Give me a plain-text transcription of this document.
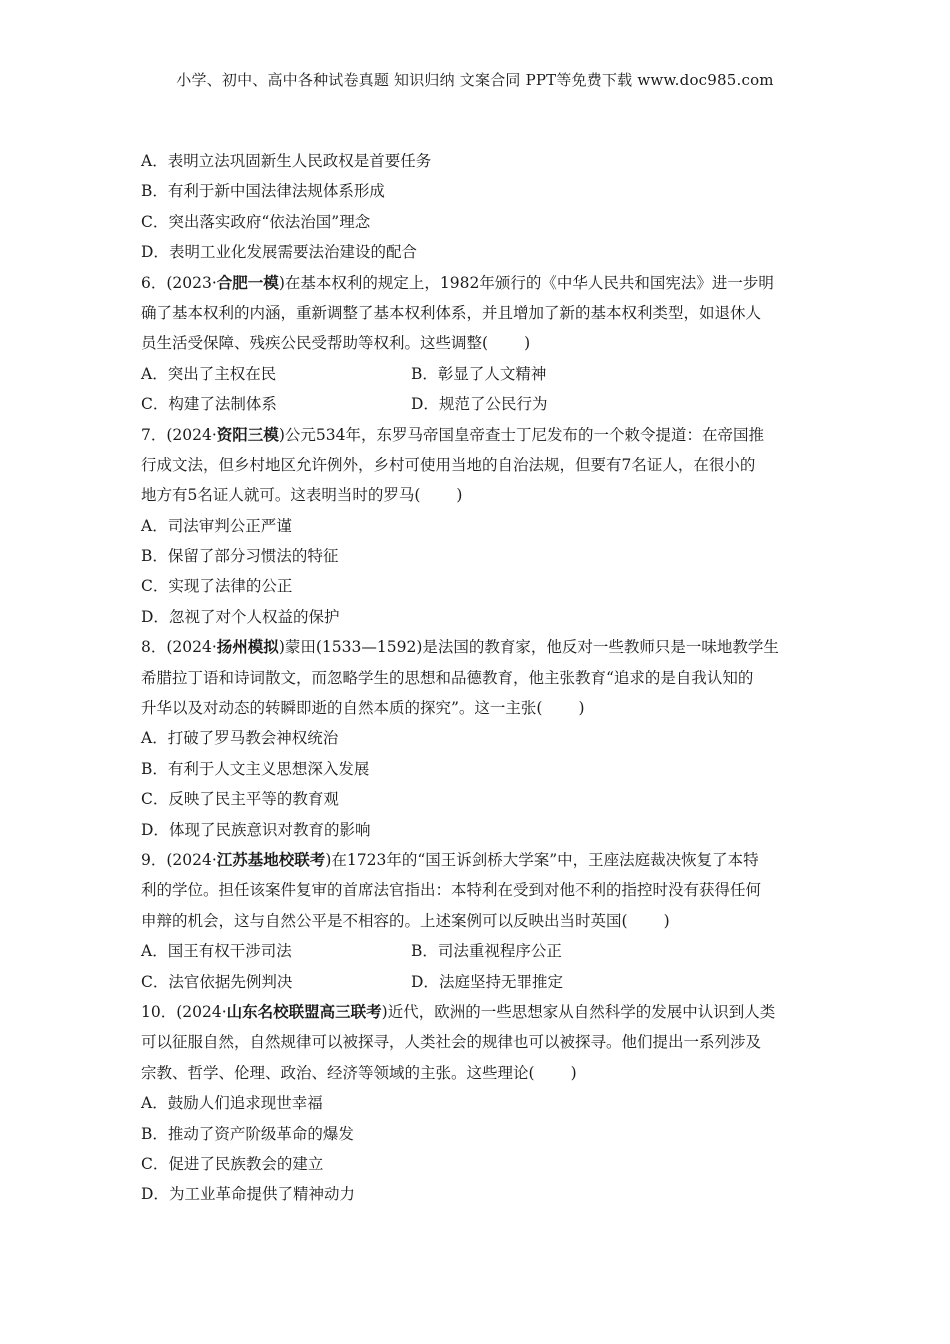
小学、初中、高中各种试卷真题 知识归纳 文案合同 PPT等免费下载 www.doc985.com
A．表明立法巩固新生人民政权是首要任务
B．有利于新中国法律法规体系形成
C．突出落实政府“依法治国”理念
D．表明工业化发展需要法治建设的配合
6．(2023·合肥一模)在基本权利的规定上，1982年颁行的《中华人民共和国宪法》进一步明
确了基本权利的内涵，重新调整了基本权利体系，并且增加了新的基本权利类型，如退休人
员生活受保障、残疾公民受帮助等权利。这些调整( )
A．突出了主权在民	B．彰显了人文精神
C．构建了法制体系	D．规范了公民行为
7．(2024·资阳三模)公元534年，东罗马帝国皇帝查士丁尼发布的一个敕令提道：在帝国推
行成文法，但乡村地区允许例外，乡村可使用当地的自治法规，但要有7名证人，在很小的
地方有5名证人就可。这表明当时的罗马( )
A．司法审判公正严谨
B．保留了部分习惯法的特征
C．实现了法律的公正
D．忽视了对个人权益的保护
8．(2024·扬州模拟)蒙田(1533—1592)是法国的教育家，他反对一些教师只是一味地教学生
希腊拉丁语和诗词散文，而忽略学生的思想和品德教育，他主张教育“追求的是自我认知的
升华以及对动态的转瞬即逝的自然本质的探究”。这一主张( )
A．打破了罗马教会神权统治
B．有利于人文主义思想深入发展
C．反映了民主平等的教育观
D．体现了民族意识对教育的影响
9．(2024·江苏基地校联考)在1723年的“国王诉剑桥大学案”中，王座法庭裁决恢复了本特
利的学位。担任该案件复审的首席法官指出：本特利在受到对他不利的指控时没有获得任何
申辩的机会，这与自然公平是不相容的。上述案例可以反映出当时英国( )
A．国王有权干涉司法	B．司法重视程序公正
C．法官依据先例判决	D．法庭坚持无罪推定
10．(2024·山东名校联盟高三联考)近代，欧洲的一些思想家从自然科学的发展中认识到人类
可以征服自然，自然规律可以被探寻，人类社会的规律也可以被探寻。他们提出一系列涉及
宗教、哲学、伦理、政治、经济等领域的主张。这些理论( )
A．鼓励人们追求现世幸福
B．推动了资产阶级革命的爆发
C．促进了民族教会的建立
D．为工业革命提供了精神动力
